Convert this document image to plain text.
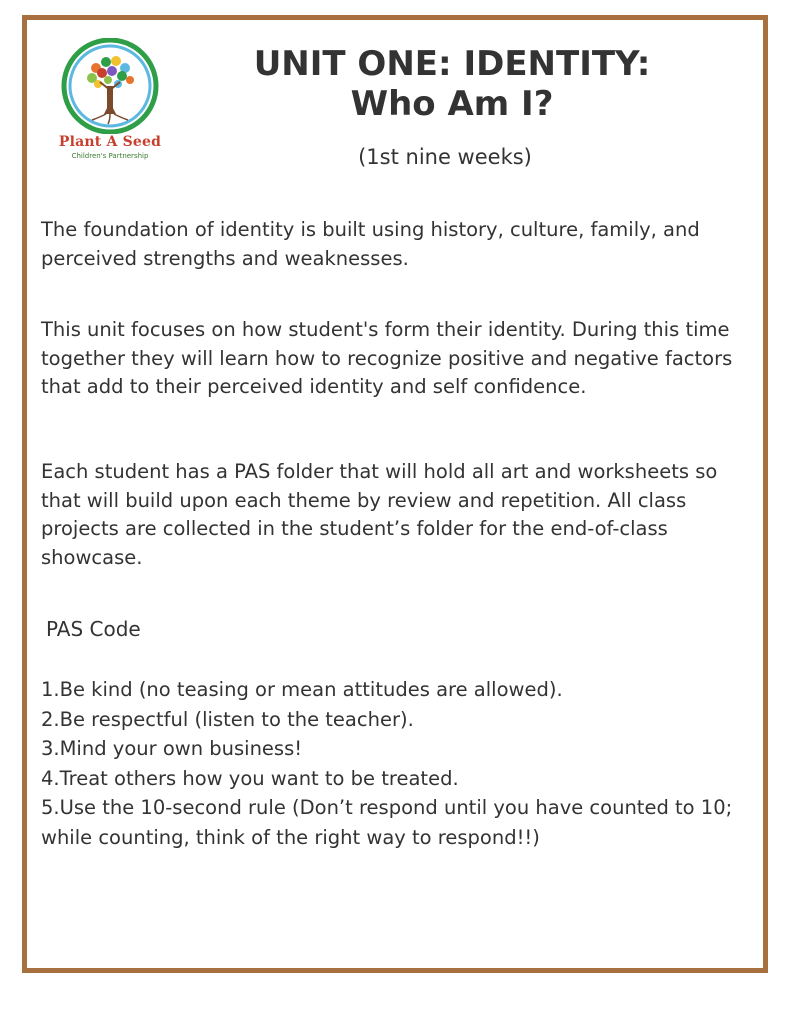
Plant A Seed
Children's Partnership
UNIT ONE: IDENTITY:
Who Am I?
(1st nine weeks)

The foundation of identity is built using history, culture, family, and perceived strengths and weaknesses.

This unit focuses on how student's form their identity. During this time together they will learn how to recognize positive and negative factors that add to their perceived identity and self confidence.

Each student has a PAS folder that will hold all art and worksheets so that will build upon each theme by review and repetition. All class projects are collected in the student’s folder for the end-of-class showcase.

PAS Code
1.Be kind (no teasing or mean attitudes are allowed).
2.Be respectful (listen to the teacher).
3.Mind your own business!
4.Treat others how you want to be treated.
5.Use the 10-second rule (Don’t respond until you have counted to 10; while counting, think of the right way to respond!!)
